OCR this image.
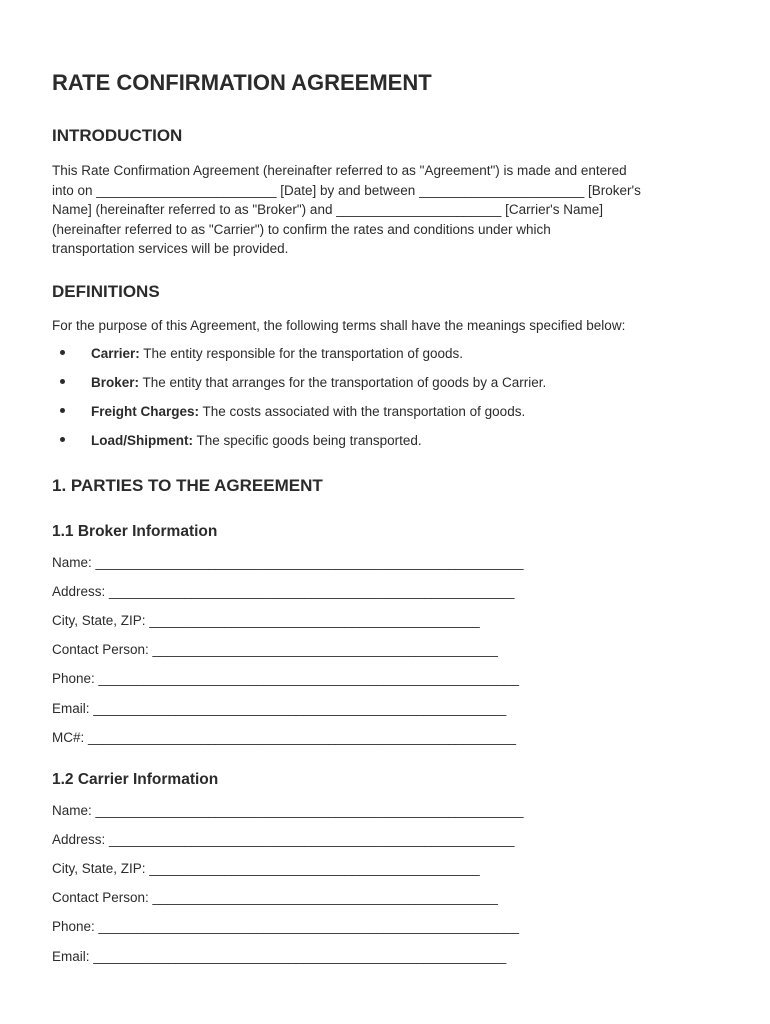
RATE CONFIRMATION AGREEMENT
INTRODUCTION

This Rate Confirmation Agreement (hereinafter referred to as "Agreement") is made and entered
into on ________________________ [Date] by and between ______________________ [Broker's
Name] (hereinafter referred to as "Broker") and ______________________ [Carrier's Name]
(hereinafter referred to as "Carrier") to confirm the rates and conditions under which
transportation services will be provided.

DEFINITIONS

For the purpose of this Agreement, the following terms shall have the meanings specified below:

Carrier: The entity responsible for the transportation of goods.
Broker: The entity that arranges for the transportation of goods by a Carrier.
Freight Charges: The costs associated with the transportation of goods.
Load/Shipment: The specific goods being transported.
1. PARTIES TO THE AGREEMENT
1.1 Broker Information

Name: _________________________________________________________

Address: ______________________________________________________

City, State, ZIP: ____________________________________________

Contact Person: ______________________________________________

Phone: ________________________________________________________

Email: _______________________________________________________

MC#: _________________________________________________________

1.2 Carrier Information

Name: _________________________________________________________

Address: ______________________________________________________

City, State, ZIP: ____________________________________________

Contact Person: ______________________________________________

Phone: ________________________________________________________

Email: _______________________________________________________
